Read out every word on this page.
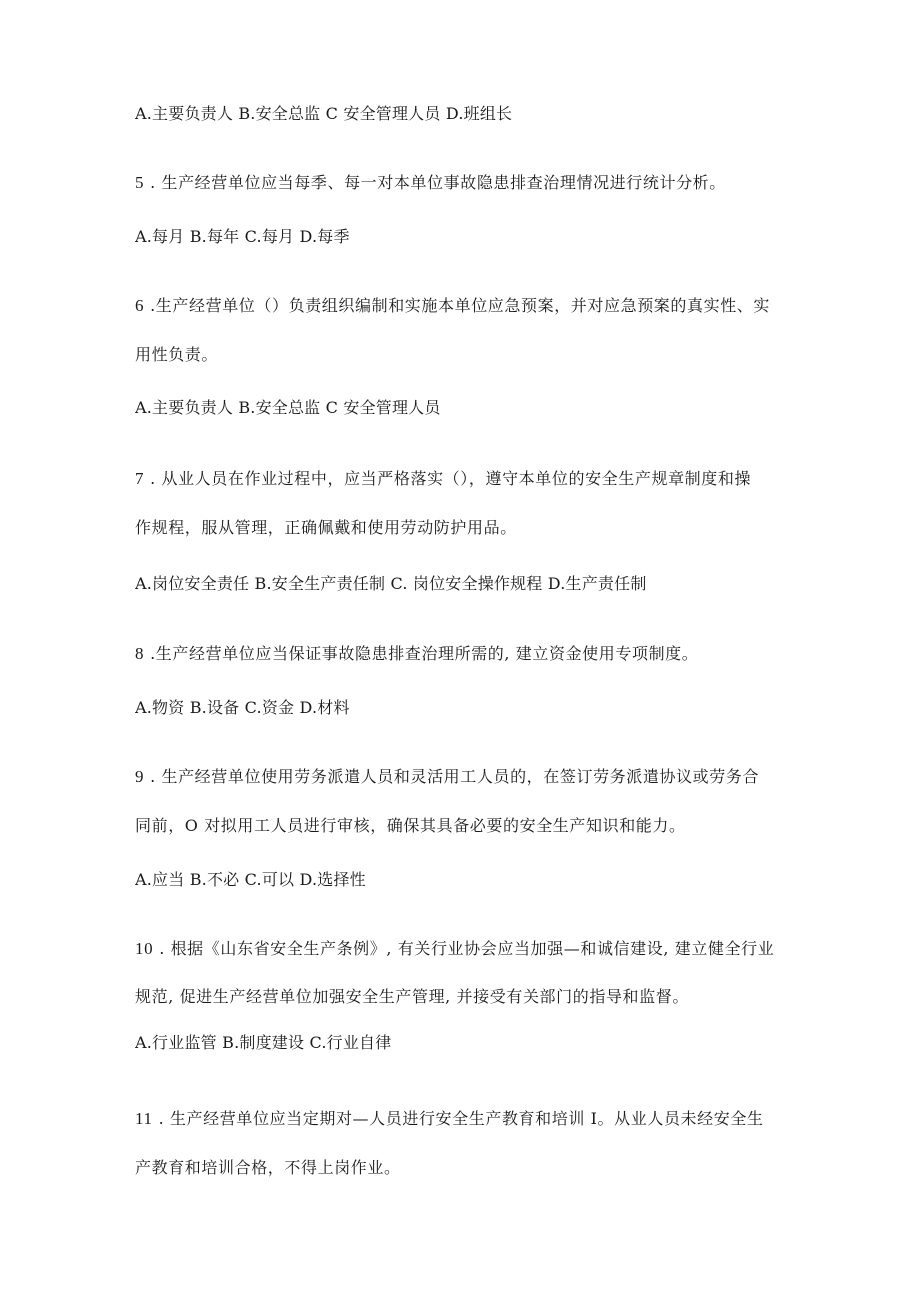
A.主要负责人 B.安全总监 C 安全管理人员 D.班组长
5 . 生产经营单位应当每季、每一对本单位事故隐患排查治理情况进行统计分析。
A.每月 B.每年 C.每月 D.每季
6 .生产经营单位（）负责组织编制和实施本单位应急预案，并对应急预案的真实性、实
用性负责。
A.主要负责人 B.安全总监 C 安全管理人员
7 . 从业人员在作业过程中，应当严格落实（），遵守本单位的安全生产规章制度和操
作规程，服从管理，正确佩戴和使用劳动防护用品。
A.岗位安全责任 B.安全生产责任制 C. 岗位安全操作规程 D.生产责任制
8 .生产经营单位应当保证事故隐患排查治理所需的, 建立资金使用专项制度。
A.物资 B.设备 C.资金 D.材料
9 . 生产经营单位使用劳务派遣人员和灵活用工人员的，在签订劳务派遣协议或劳务合
同前，O 对拟用工人员进行审核，确保其具备必要的安全生产知识和能力。
A.应当 B.不必 C.可以 D.选择性
10 . 根据《山东省安全生产条例》, 有关行业协会应当加强—和诚信建设, 建立健全行业
规范, 促进生产经营单位加强安全生产管理, 并接受有关部门的指导和监督。
A.行业监管 B.制度建设 C.行业自律
11 . 生产经营单位应当定期对—人员进行安全生产教育和培训 I。从业人员未经安全生
产教育和培训合格，不得上岗作业。
